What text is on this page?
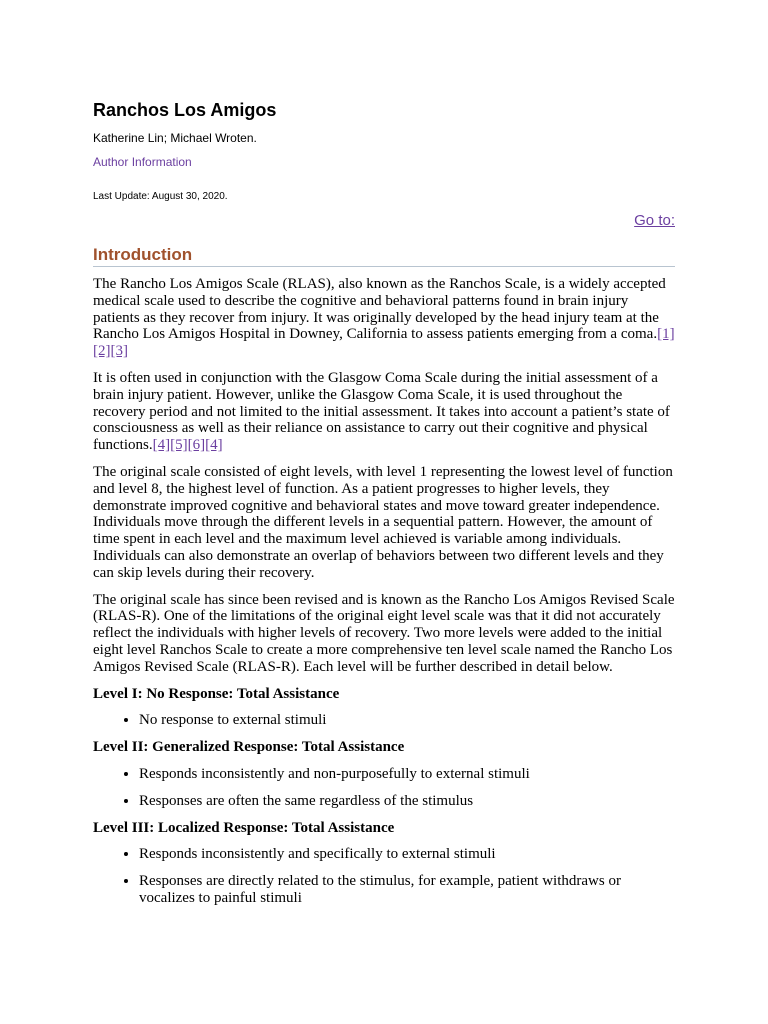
Ranchos Los Amigos
Katherine Lin; Michael Wroten.
Author Information
Last Update: August 30, 2020.
Go to:
Introduction

The Rancho Los Amigos Scale (RLAS), also known as the Ranchos Scale, is a widely accepted medical scale used to describe the cognitive and behavioral patterns found in brain injury patients as they recover from injury. It was originally developed by the head injury team at the Rancho Los Amigos Hospital in Downey, California to assess patients emerging from a coma.[1][2][3]

It is often used in conjunction with the Glasgow Coma Scale during the initial assessment of a brain injury patient. However, unlike the Glasgow Coma Scale, it is used throughout the recovery period and not limited to the initial assessment. It takes into account a patient’s state of consciousness as well as their reliance on assistance to carry out their cognitive and physical functions.[4][5][6][4]

The original scale consisted of eight levels, with level 1 representing the lowest level of function and level 8, the highest level of function. As a patient progresses to higher levels, they demonstrate improved cognitive and behavioral states and move toward greater independence. Individuals move through the different levels in a sequential pattern. However, the amount of time spent in each level and the maximum level achieved is variable among individuals. Individuals can also demonstrate an overlap of behaviors between two different levels and they can skip levels during their recovery.

The original scale has since been revised and is known as the Rancho Los Amigos Revised Scale (RLAS-R). One of the limitations of the original eight level scale was that it did not accurately reflect the individuals with higher levels of recovery. Two more levels were added to the initial eight level Ranchos Scale to create a more comprehensive ten level scale named the Rancho Los Amigos Revised Scale (RLAS-R). Each level will be further described in detail below.

Level I: No Response: Total Assistance
• No response to external stimuli
Level II: Generalized Response: Total Assistance
• Responds inconsistently and non-purposefully to external stimuli
• Responses are often the same regardless of the stimulus
Level III: Localized Response: Total Assistance
• Responds inconsistently and specifically to external stimuli
• Responses are directly related to the stimulus, for example, patient withdraws or vocalizes to painful stimuli
